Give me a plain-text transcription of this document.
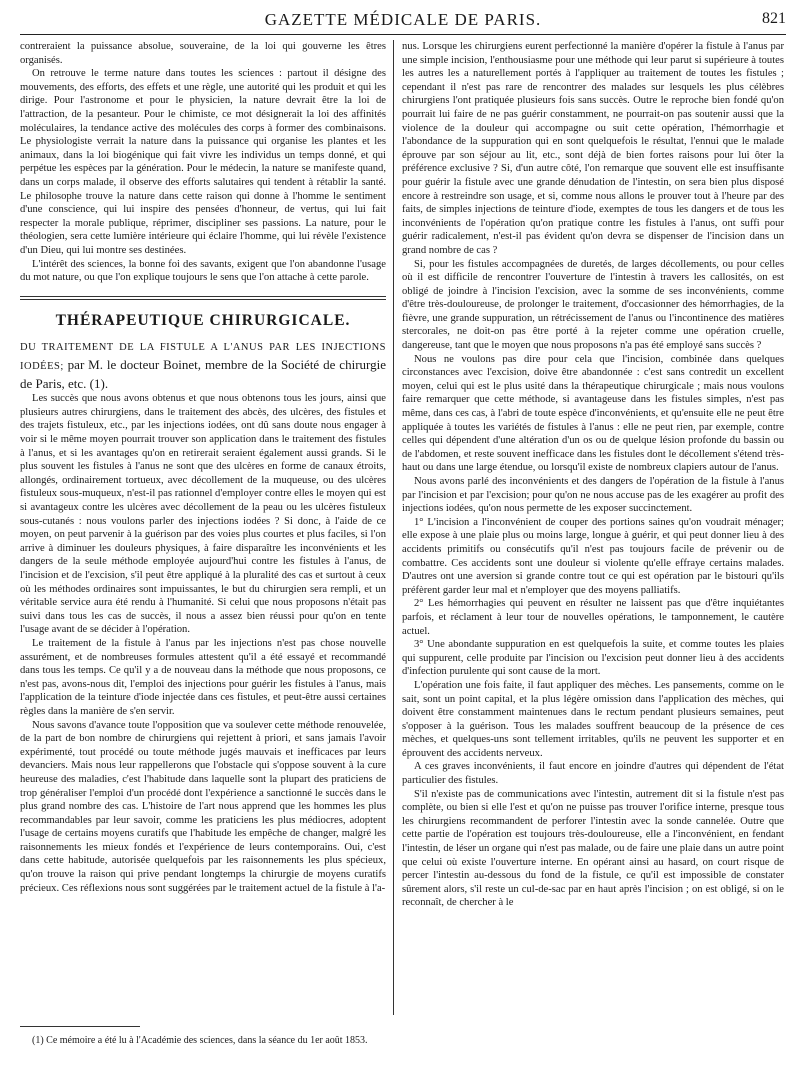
GAZETTE MÉDICALE DE PARIS.	821

contreraient la puissance absolue, souveraine, de la loi qui gouverne les êtres organisés.

On retrouve le terme nature dans toutes les sciences : partout il désigne des mouvements, des efforts, des effets et une règle, une autorité qui les produit et qui les dirige. Pour l'astronome et pour le physicien, la nature devrait être la loi de l'attraction, de la pesanteur. Pour le chimiste, ce mot désignerait la loi des affinités moléculaires, la tendance active des molécules des corps à former des combinaisons. Le physiologiste verrait la nature dans la puissance qui organise les plantes et les animaux, dans la loi biogénique qui fait vivre les individus un temps donné, et qui perpétue les espèces par la génération. Pour le médecin, la nature se manifeste quand, dans un corps malade, il observe des efforts salutaires qui tendent à rétablir la santé. Le philosophe trouve la nature dans cette raison qui donne à l'homme le sentiment d'une conscience, qui lui inspire des pensées d'honneur, de vertus, qui lui fait respecter la morale publique, réprimer, discipliner ses passions. La nature, pour le théologien, sera cette lumière intérieure qui éclaire l'homme, qui lui révèle l'existence d'un Dieu, qui lui montre ses destinées.

L'intérêt des sciences, la bonne foi des savants, exigent que l'on abandonne l'usage du mot nature, ou que l'on explique toujours le sens que l'on attache à cette parole.

THÉRAPEUTIQUE CHIRURGICALE.

DU TRAITEMENT DE LA FISTULE A L'ANUS PAR LES INJECTIONS IODÉES; par M. le docteur Boinet, membre de la Société de chirurgie de Paris, etc. (1).

Les succès que nous avons obtenus et que nous obtenons tous les jours, ainsi que plusieurs autres chirurgiens, dans le traitement des abcès, des ulcères, des fistules et des trajets fistuleux, etc., par les injections iodées, ont dû sans doute nous engager à voir si le même moyen pourrait trouver son application dans le traitement des fistules à l'anus, et si les avantages qu'on en retirerait seraient également aussi grands. Si le plus souvent les fistules à l'anus ne sont que des ulcères en forme de canaux étroits, allongés, ordinairement tortueux, avec décollement de la muqueuse, ou des ulcères fistuleux sous-muqueux, n'est-il pas rationnel d'employer contre elles le moyen qui est si avantageux contre les ulcères avec décollement de la peau ou les ulcères fistuleux sous-cutanés : nous voulons parler des injections iodées ? Si donc, à l'aide de ce moyen, on peut parvenir à la guérison par des voies plus courtes et plus faciles, si l'on arrive à diminuer les douleurs physiques, à faire disparaître les inconvénients et les dangers de la seule méthode employée aujourd'hui contre les fistules à l'anus, de l'incision et de l'excision, s'il peut être appliqué à la pluralité des cas et surtout à ceux où les méthodes ordinaires sont impuissantes, le but du chirurgien sera rempli, et un véritable service aura été rendu à l'humanité. Si celui que nous proposons n'était pas suivi dans tous les cas de succès, il nous a assez bien réussi pour qu'on en tente l'usage avant de se décider à l'opération.

Le traitement de la fistule à l'anus par les injections n'est pas chose nouvelle assurément, et de nombreuses formules attestent qu'il a été essayé et recommandé dans tous les temps. Ce qu'il y a de nouveau dans la méthode que nous proposons, ce n'est pas, avons-nous dit, l'emploi des injections pour guérir les fistules à l'anus, mais l'application de la teinture d'iode injectée dans ces fistules, et peut-être aussi certaines règles dans la manière de s'en servir.

Nous savons d'avance toute l'opposition que va soulever cette méthode renouvelée, de la part de bon nombre de chirurgiens qui rejettent à priori, et sans jamais l'avoir expérimenté, tout procédé ou toute méthode jugés mauvais et inefficaces par leurs devanciers. Mais nous leur rappellerons que l'obstacle qui s'oppose souvent à la cure heureuse des maladies, c'est l'habitude dans laquelle sont la plupart des praticiens de trop généraliser l'emploi d'un procédé dont l'expérience a sanctionné le succès dans le plus grand nombre des cas. L'histoire de l'art nous apprend que les hommes les plus recommandables par leur savoir, comme les praticiens les plus médiocres, adoptent l'usage de certains moyens curatifs que l'habitude les empêche de changer, malgré les raisonnements les mieux fondés et l'expérience de leurs contemporains. Oui, c'est dans cette habitude, autorisée quelquefois par les raisonnements les plus spécieux, qu'on trouve la raison qui prive pendant longtemps la chirurgie de moyens curatifs précieux. Ces réflexions nous sont suggérées par le traitement actuel de la fistule à l'a-

nus. Lorsque les chirurgiens eurent perfectionné la manière d'opérer la fistule à l'anus par une simple incision, l'enthousiasme pour une méthode qui leur parut si supérieure à toutes les autres les a naturellement portés à l'appliquer au traitement de toutes les fistules ; cependant il n'est pas rare de rencontrer des malades sur lesquels les plus célèbres chirurgiens l'ont pratiquée plusieurs fois sans succès. Outre le reproche bien fondé qu'on pourrait lui faire de ne pas guérir constamment, ne pourrait-on pas soutenir aussi que la violence de la douleur qui accompagne ou suit cette opération, l'hémorrhagie et l'abondance de la suppuration qui en sont quelquefois le résultat, l'ennui que le malade éprouve par son séjour au lit, etc., sont déjà de bien fortes raisons pour lui ôter la préférence exclusive ? Si, d'un autre côté, l'on remarque que souvent elle est insuffisante pour guérir la fistule avec une grande dénudation de l'intestin, on sera bien plus disposé encore à restreindre son usage, et si, comme nous allons le prouver tout à l'heure par des faits, de simples injections de teinture d'iode, exemptes de tous les dangers et de tous les inconvénients de l'opération qu'on pratique contre les fistules à l'anus, ont suffi pour guérir radicalement, n'est-il pas évident qu'on devra se dispenser de l'incision dans un grand nombre de cas ?

Si, pour les fistules accompagnées de duretés, de larges décollements, ou pour celles où il est difficile de rencontrer l'ouverture de l'intestin à travers les callosités, on est obligé de joindre à l'incision l'excision, avec la somme de ses inconvénients, comme d'être très-douloureuse, de prolonger le traitement, d'occasionner des hémorrhagies, de la fièvre, une grande suppuration, un rétrécissement de l'anus ou l'incontinence des matières stercorales, ne doit-on pas être porté à la rejeter comme une opération cruelle, dangereuse, tant que le moyen que nous proposons n'a pas été employé sans succès ?

Nous ne voulons pas dire pour cela que l'incision, combinée dans quelques circonstances avec l'excision, doive être abandonnée : c'est sans contredit un excellent moyen, celui qui est le plus usité dans la thérapeutique chirurgicale ; mais nous voulons faire remarquer que cette méthode, si avantageuse dans les fistules simples, n'est pas même, dans ces cas, à l'abri de toute espèce d'inconvénients, et qu'ensuite elle ne peut être appliquée à toutes les variétés de fistules à l'anus : elle ne peut rien, par exemple, contre celles qui dépendent d'une altération d'un os ou de quelque lésion profonde du bassin ou de l'abdomen, et reste souvent inefficace dans les fistules dont le décollement s'étend très-haut ou dans une large étendue, ou lorsqu'il existe de nombreux clapiers autour de l'anus.

Nous avons parlé des inconvénients et des dangers de l'opération de la fistule à l'anus par l'incision et par l'excision; pour qu'on ne nous accuse pas de les exagérer au profit des injections iodées, qu'on nous permette de les exposer succinctement.

1° L'incision a l'inconvénient de couper des portions saines qu'on voudrait ménager; elle expose à une plaie plus ou moins large, longue à guérir, et qui peut donner lieu à des accidents primitifs ou consécutifs qu'il n'est pas toujours facile de prévenir ou de combattre. Ces accidents sont une douleur si violente qu'elle effraye certains malades. D'autres ont une aversion si grande contre tout ce qui est opération par le bistouri qu'ils préfèrent garder leur mal et n'employer que des moyens palliatifs.

2° Les hémorrhagies qui peuvent en résulter ne laissent pas que d'être inquiétantes parfois, et réclament à leur tour de nouvelles opérations, le tamponnement, le cautère actuel.

3° Une abondante suppuration en est quelquefois la suite, et comme toutes les plaies qui suppurent, celle produite par l'incision ou l'excision peut donner lieu à des accidents d'infection purulente qui sont cause de la mort.

L'opération une fois faite, il faut appliquer des mèches. Les pansements, comme on le sait, sont un point capital, et la plus légère omission dans l'application des mèches, qui doivent être constamment maintenues dans le rectum pendant plusieurs semaines, peut s'opposer à la guérison. Tous les malades souffrent beaucoup de la présence de ces mèches, et quelques-uns sont tellement irritables, qu'ils ne peuvent les supporter et en éprouvent des accidents nerveux.

A ces graves inconvénients, il faut encore en joindre d'autres qui dépendent de l'état particulier des fistules.

S'il n'existe pas de communications avec l'intestin, autrement dit si la fistule n'est pas complète, ou bien si elle l'est et qu'on ne puisse pas trouver l'orifice interne, presque tous les chirurgiens recommandent de perforer l'intestin avec la sonde cannelée. Outre que cette partie de l'opération est toujours très-douloureuse, elle a l'inconvénient, en fendant l'intestin, de léser un organe qui n'est pas malade, ou de faire une plaie dans un autre point que celui où existe l'ouverture interne. En opérant ainsi au hasard, on court risque de percer l'intestin au-dessous du fond de la fistule, ce qu'il est impossible de constater sûrement alors, s'il reste un cul-de-sac par en haut après l'incision ; on est obligé, si on le reconnaît, de chercher à le

(1) Ce mémoire a été lu à l'Académie des sciences, dans la séance du 1er août 1853.
